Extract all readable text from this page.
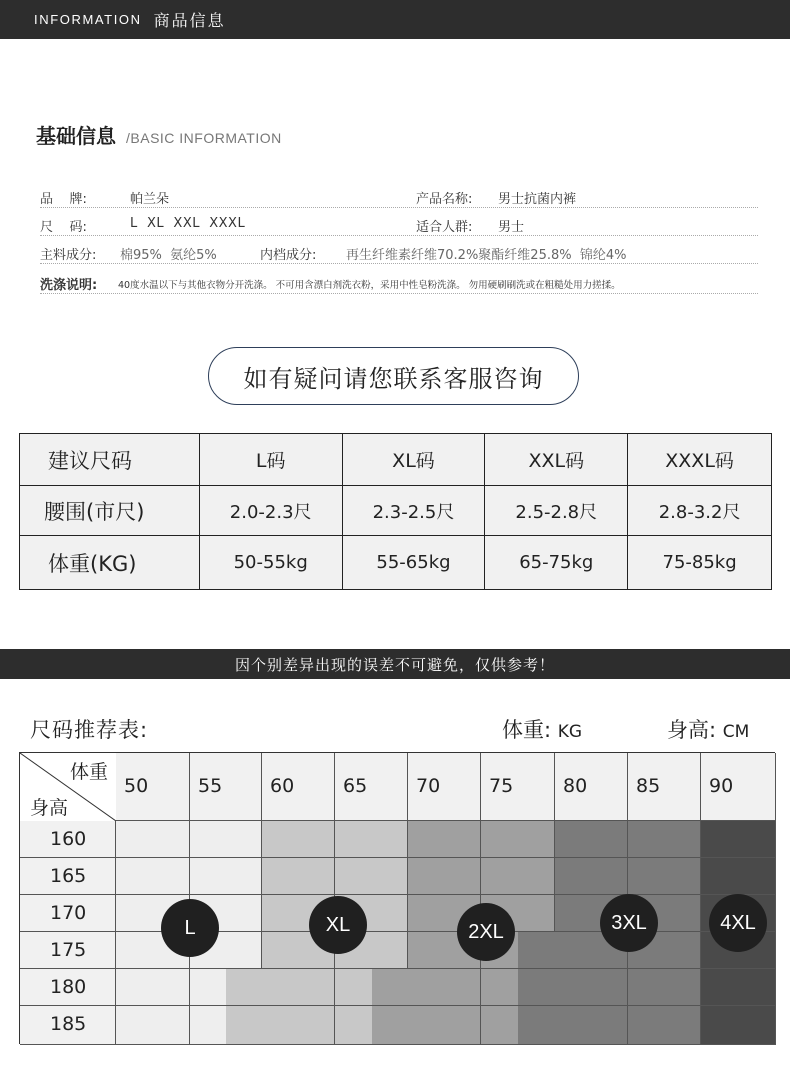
INFORMATION 商品信息
基础信息 /BASIC INFORMATION
品    牌:	帕兰朵	产品名称: 男士抗菌内裤
尺    码:	L  XL  XXL  XXXL	适合人群: 男士
主料成分: 棉95%  氨纶5%	内档成分: 再生纤维素纤维70.2%聚酯纤维25.8%  锦纶4%
洗涤说明: 40度水温以下与其他衣物分开洗涤。 不可用含漂白剂洗衣粉，采用中性皂粉洗涤。 勿用硬刷刷洗或在粗糙处用力搓揉。
如有疑问请您联系客服咨询
建议尺码	L码	XL码	XXL码	XXXL码
腰围(市尺)	2.0-2.3尺	2.3-2.5尺	2.5-2.8尺	2.8-3.2尺
体重(KG)	50-55kg	55-65kg	65-75kg	75-85kg
因个别差异出现的误差不可避免，仅供参考！
尺码推荐表:	体重: KG	身高: CM
体重
身高
50	55	60	65	70	75	80	85	90
160
165
170
175
180
185
L	XL	2XL	3XL	4XL
